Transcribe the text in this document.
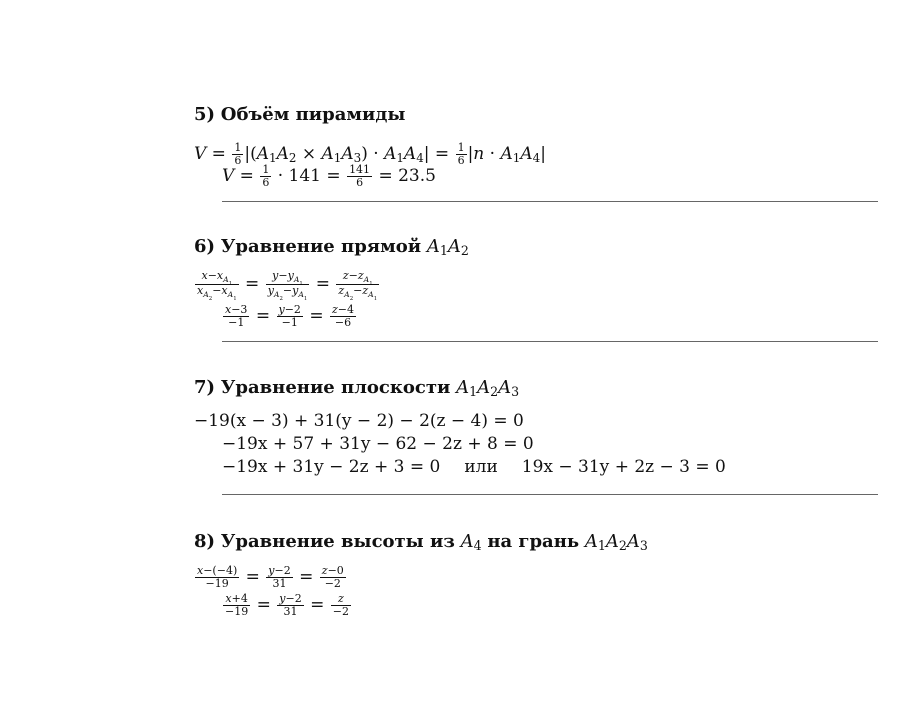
5) Объём пирамиды
$V = \frac{1}{6} |(A_1A_2 \times A_1A_3) \cdot A_1A_4| = \frac{1}{6} |n \cdot A_1A_4|$
$V = \frac{1}{6} \cdot 141 = \frac{141}{6} = 23.5$
6) Уравнение прямой $A_1A_2$
$\frac{x-x_{A_1}}{x_{A_2}-x_{A_1}} = \frac{y-y_{A_1}}{y_{A_2}-y_{A_1}} = \frac{z-z_{A_1}}{z_{A_2}-z_{A_1}}$
$\frac{x-3}{-1} = \frac{y-2}{-1} = \frac{z-4}{-6}$
7) Уравнение плоскости $A_1A_2A_3$
−19(x − 3) + 31(y − 2) − 2(z − 4) = 0
−19x + 57 + 31y − 62 − 2z + 8 = 0
−19x + 31y − 2z + 3 = 0 или 19x − 31y + 2z − 3 = 0
8) Уравнение высоты из $A_4$ на грань $A_1A_2A_3$
$\frac{x-(-4)}{-19} = \frac{y-2}{31} = \frac{z-0}{-2}$
$\frac{x+4}{-19} = \frac{y-2}{31} = \frac{z}{-2}$
